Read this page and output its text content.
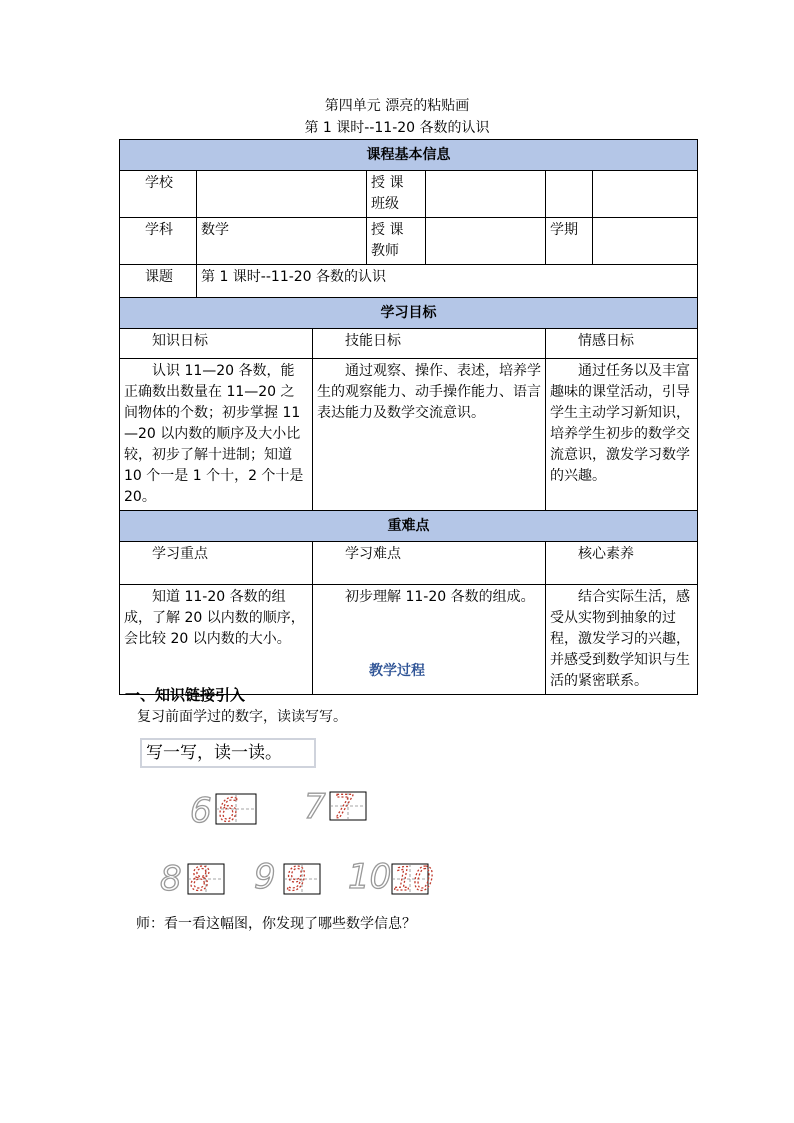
第四单元 漂亮的粘贴画
第 1 课时--11-20 各数的认识
课程基本信息						
学校			授 课 班级			
学科	数学		授 课 教师		学期	
课题	第 1 课时--11-20 各数的认识					
学习目标						
知识日标		技能日标			情感日标	
认识 11—20 各数，能正确数出数量在 11—20 之间物体的个数；初步掌握 11—20 以内数的顺序及大小比较，初步了解十进制；知道 10 个一是 1 个十，2 个十是 20。		通过观察、操作、表述，培养学生的观察能力、动手操作能力、语言表达能力及数学交流意识。			通过任务以及丰富趣味的课堂活动，引导学生主动学习新知识，培养学生初步的数学交流意识，激发学习数学的兴趣。	
重难点						
学习重点		学习难点			核心素养	
知道 11-20 各数的组成，了解 20 以内数的顺序，会比较 20 以内数的大小。		初步理解 11-20 各数的组成。			结合实际生活，感受从实物到抽象的过程，激发学习的兴趣，并感受到数学知识与生活的紧密联系。	
教学过程
一、知识链接引入
复习前面学过的数字，读读写写。
写一写，读一读。
6 6 7 7
8 8 9 9 10 10
师：看一看这幅图，你发现了哪些数学信息？
